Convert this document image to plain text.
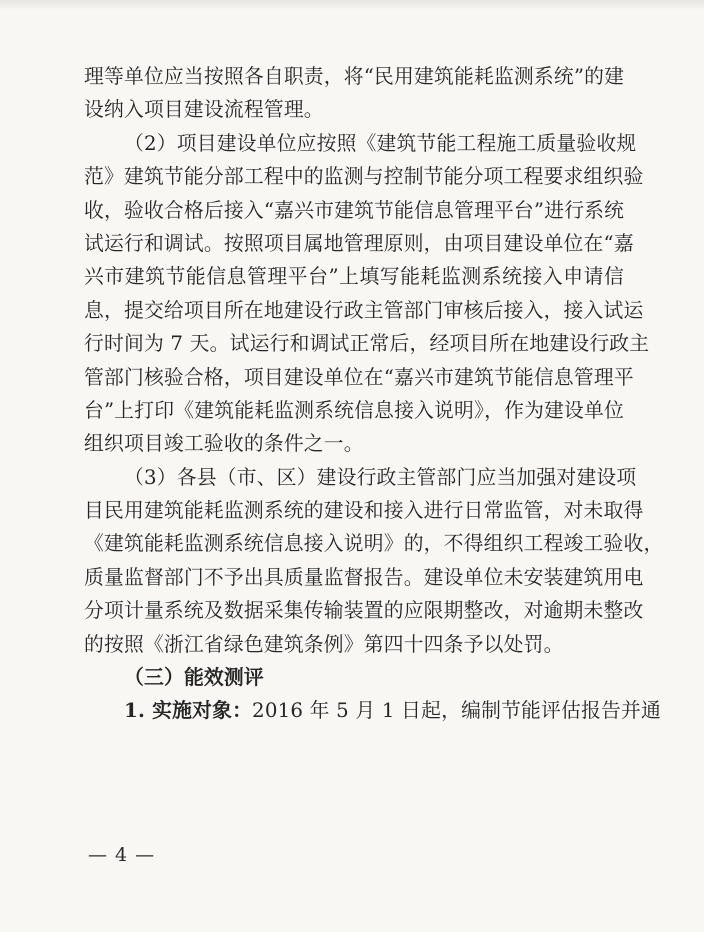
理等单位应当按照各自职责，将“民用建筑能耗监测系统”的建
设纳入项目建设流程管理。
（2）项目建设单位应按照《建筑节能工程施工质量验收规
范》建筑节能分部工程中的监测与控制节能分项工程要求组织验
收，验收合格后接入“嘉兴市建筑节能信息管理平台”进行系统
试运行和调试。按照项目属地管理原则，由项目建设单位在“嘉
兴市建筑节能信息管理平台”上填写能耗监测系统接入申请信
息，提交给项目所在地建设行政主管部门审核后接入，接入试运
行时间为 7 天。试运行和调试正常后，经项目所在地建设行政主
管部门核验合格，项目建设单位在“嘉兴市建筑节能信息管理平
台”上打印《建筑能耗监测系统信息接入说明》，作为建设单位
组织项目竣工验收的条件之一。
（3）各县（市、区）建设行政主管部门应当加强对建设项
目民用建筑能耗监测系统的建设和接入进行日常监管，对未取得
《建筑能耗监测系统信息接入说明》的，不得组织工程竣工验收，
质量监督部门不予出具质量监督报告。建设单位未安装建筑用电
分项计量系统及数据采集传输装置的应限期整改，对逾期未整改
的按照《浙江省绿色建筑条例》第四十四条予以处罚。
（三）能效测评
1. 实施对象：2016 年 5 月 1 日起，编制节能评估报告并通
— 4 —
